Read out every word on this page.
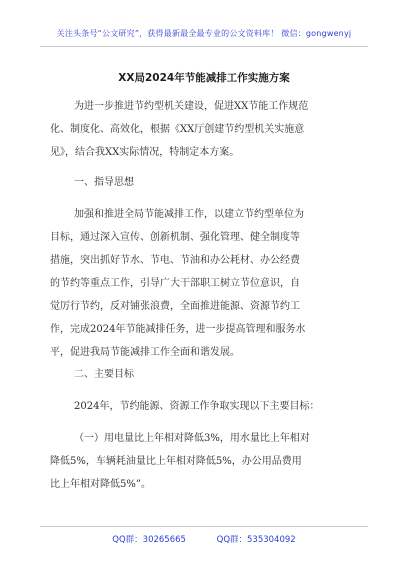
关注头条号“公文研究”，获得最新最全最专业的公文资料库！ 微信：gongwenyj
XX局2024年节能减排工作实施方案
为进一步推进节约型机关建设，促进XX节能工作规范
化、制度化、高效化，根据《XX厅创建节约型机关实施意
见》，结合我XX实际情况，特制定本方案。
一、指导思想
加强和推进全局节能减排工作，以建立节约型单位为
目标，通过深入宣传、创新机制、强化管理、健全制度等
措施，突出抓好节水、节电、节油和办公耗材、办公经费
的节约等重点工作，引导广大干部职工树立节位意识，自
觉厉行节约，反对铺张浪费，全面推进能源、资源节约工
作，完成2024年节能减排任务，进一步提高管理和服务水
平，促进我局节能减排工作全面和谐发展。
二、主要目标
2024年，节约能源、资源工作争取实现以下主要目标：
（一）用电量比上年相对降低3%，用水量比上年相对
降低5%，车辆耗油量比上年相对降低5%，办公用品费用
比上年相对降低5%”。
QQ群：30265665	QQ群：535304092
